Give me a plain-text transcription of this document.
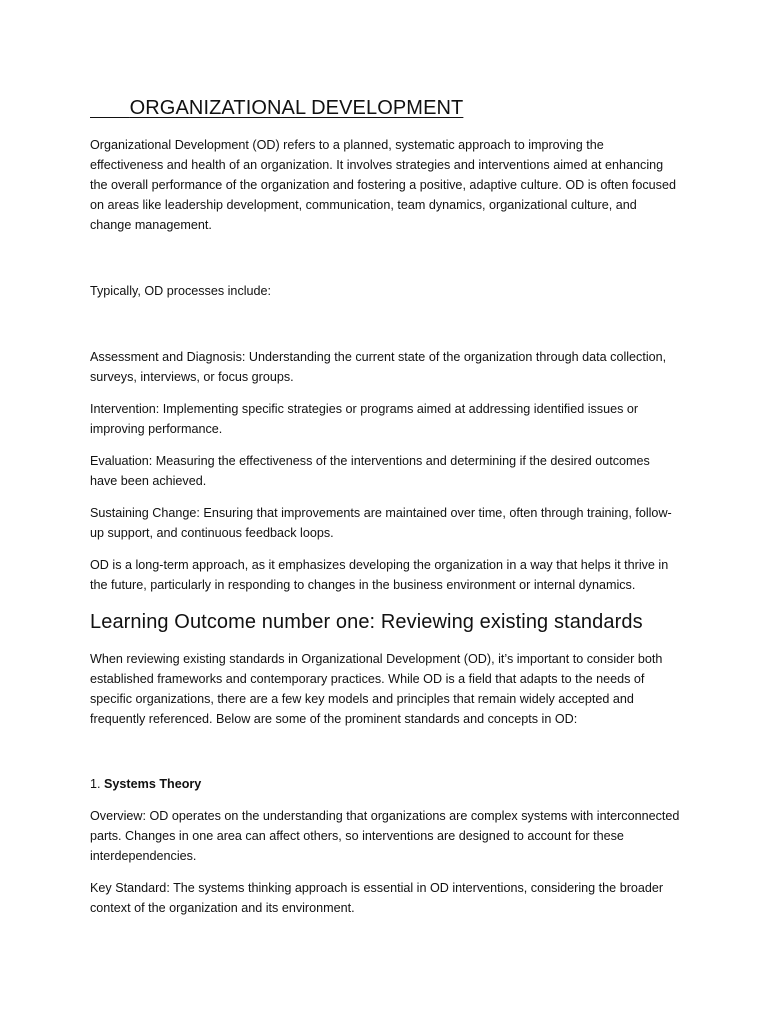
ORGANIZATIONAL DEVELOPMENT

Organizational Development (OD) refers to a planned, systematic approach to improving the effectiveness and health of an organization. It involves strategies and interventions aimed at enhancing the overall performance of the organization and fostering a positive, adaptive culture. OD is often focused on areas like leadership development, communication, team dynamics, organizational culture, and change management.

Typically, OD processes include:

Assessment and Diagnosis: Understanding the current state of the organization through data collection, surveys, interviews, or focus groups.

Intervention: Implementing specific strategies or programs aimed at addressing identified issues or improving performance.

Evaluation: Measuring the effectiveness of the interventions and determining if the desired outcomes have been achieved.

Sustaining Change: Ensuring that improvements are maintained over time, often through training, follow-up support, and continuous feedback loops.

OD is a long-term approach, as it emphasizes developing the organization in a way that helps it thrive in the future, particularly in responding to changes in the business environment or internal dynamics.

Learning Outcome number one: Reviewing existing standards

When reviewing existing standards in Organizational Development (OD), it’s important to consider both established frameworks and contemporary practices. While OD is a field that adapts to the needs of specific organizations, there are a few key models and principles that remain widely accepted and frequently referenced. Below are some of the prominent standards and concepts in OD:

1. Systems Theory

Overview: OD operates on the understanding that organizations are complex systems with interconnected parts. Changes in one area can affect others, so interventions are designed to account for these interdependencies.

Key Standard: The systems thinking approach is essential in OD interventions, considering the broader context of the organization and its environment.
